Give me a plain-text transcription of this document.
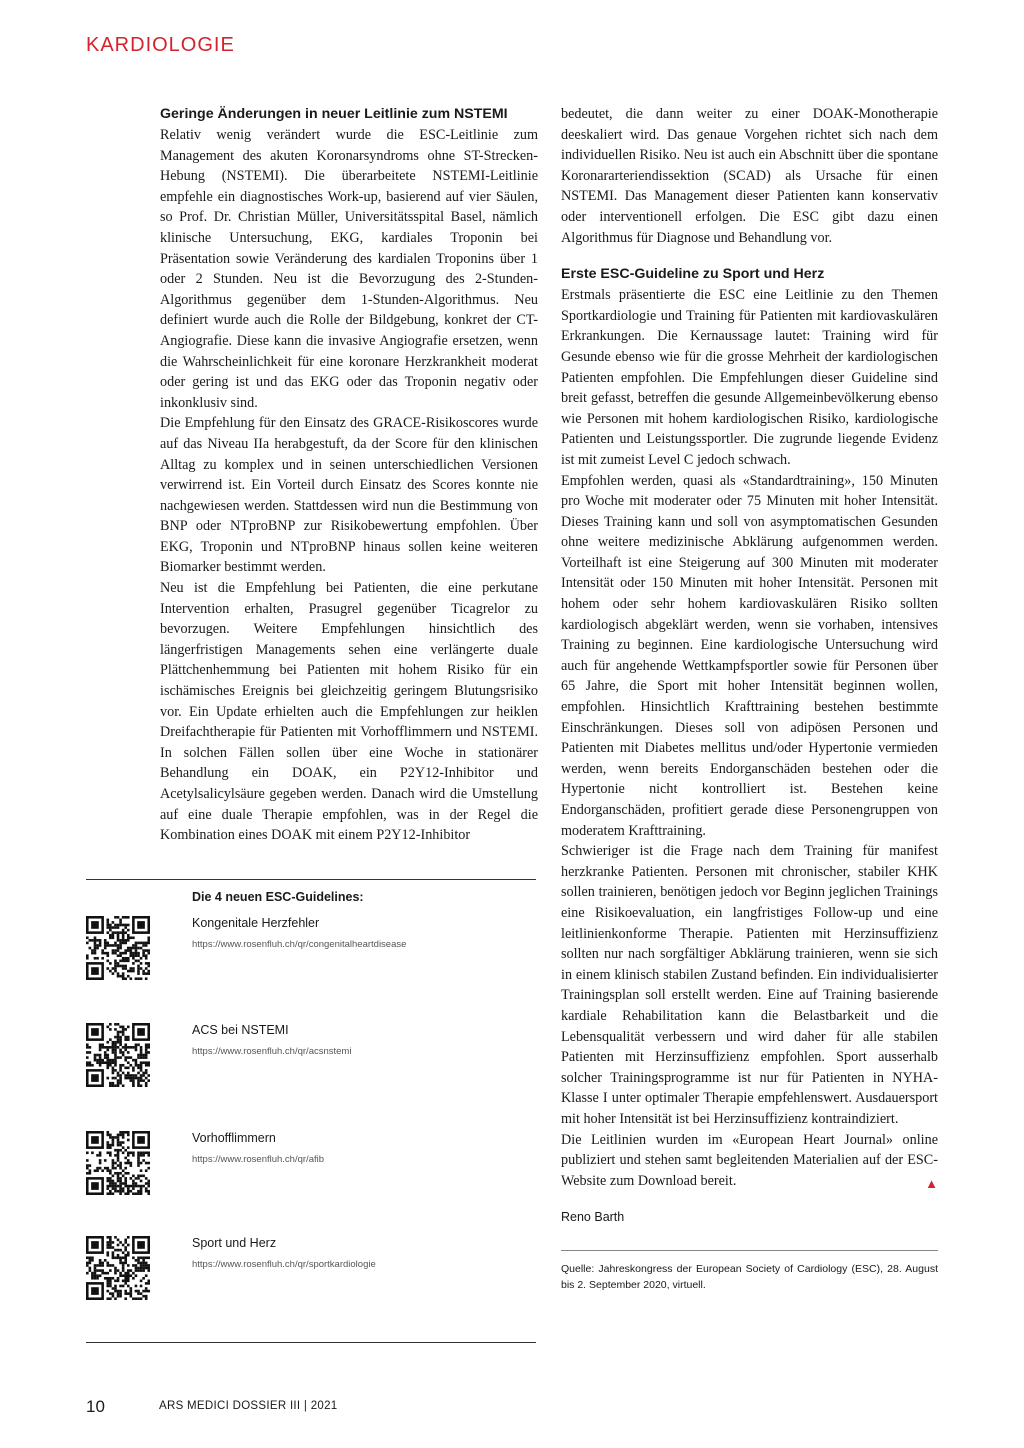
KARDIOLOGIE
Geringe Änderungen in neuer Leitlinie zum NSTEMI

Relativ wenig verändert wurde die ESC-Leitlinie zum Management des akuten Koronarsyndroms ohne ST-Strecken-Hebung (NSTEMI). Die überarbeitete NSTEMI-Leitlinie empfehle ein diagnostisches Work-up, basierend auf vier Säulen, so Prof. Dr. Christian Müller, Universitätsspital Basel, nämlich klinische Untersuchung, EKG, kardiales Troponin bei Präsentation sowie Veränderung des kardialen Troponins über 1 oder 2 Stunden. Neu ist die Bevorzugung des 2-Stunden-Algorithmus gegenüber dem 1-Stunden-Algorithmus. Neu definiert wurde auch die Rolle der Bildgebung, konkret der CT-Angiografie. Diese kann die invasive Angiografie ersetzen, wenn die Wahrscheinlichkeit für eine koronare Herzkrankheit moderat oder gering ist und das EKG oder das Troponin negativ oder inkonklusiv sind.

Die Empfehlung für den Einsatz des GRACE-Risikoscores wurde auf das Niveau IIa herabgestuft, da der Score für den klinischen Alltag zu komplex und in seinen unterschiedlichen Versionen verwirrend ist. Ein Vorteil durch Einsatz des Scores konnte nie nachgewiesen werden. Stattdessen wird nun die Bestimmung von BNP oder NTproBNP zur Risikobewertung empfohlen. Über EKG, Troponin und NTproBNP hinaus sollen keine weiteren Biomarker bestimmt werden.

Neu ist die Empfehlung bei Patienten, die eine perkutane Intervention erhalten, Prasugrel gegenüber Ticagrelor zu bevorzugen. Weitere Empfehlungen hinsichtlich des längerfristigen Managements sehen eine verlängerte duale Plättchenhemmung bei Patienten mit hohem Risiko für ein ischämisches Ereignis bei gleichzeitig geringem Blutungsrisiko vor. Ein Update erhielten auch die Empfehlungen zur heiklen Dreifachtherapie für Patienten mit Vorhofflimmern und NSTEMI. In solchen Fällen sollen über eine Woche in stationärer Behandlung ein DOAK, ein P2Y12-Inhibitor und Acetylsalicylsäure gegeben werden. Danach wird die Umstellung auf eine duale Therapie empfohlen, was in der Regel die Kombination eines DOAK mit einem P2Y12-Inhibitor

bedeutet, die dann weiter zu einer DOAK-Monotherapie deeskaliert wird. Das genaue Vorgehen richtet sich nach dem individuellen Risiko. Neu ist auch ein Abschnitt über die spontane Koronararteriendissektion (SCAD) als Ursache für einen NSTEMI. Das Management dieser Patienten kann konservativ oder interventionell erfolgen. Die ESC gibt dazu einen Algorithmus für Diagnose und Behandlung vor.

Erste ESC-Guideline zu Sport und Herz

Erstmals präsentierte die ESC eine Leitlinie zu den Themen Sportkardiologie und Training für Patienten mit kardiovaskulären Erkrankungen. Die Kernaussage lautet: Training wird für Gesunde ebenso wie für die grosse Mehrheit der kardiologischen Patienten empfohlen. Die Empfehlungen dieser Guideline sind breit gefasst, betreffen die gesunde Allgemeinbevölkerung ebenso wie Personen mit hohem kardiologischen Risiko, kardiologische Patienten und Leistungssportler. Die zugrunde liegende Evidenz ist mit zumeist Level C jedoch schwach.

Empfohlen werden, quasi als «Standardtraining», 150 Minuten pro Woche mit moderater oder 75 Minuten mit hoher Intensität. Dieses Training kann und soll von asymptomatischen Gesunden ohne weitere medizinische Abklärung aufgenommen werden. Vorteilhaft ist eine Steigerung auf 300 Minuten mit moderater Intensität oder 150 Minuten mit hoher Intensität. Personen mit hohem oder sehr hohem kardiovaskulären Risiko sollten kardiologisch abgeklärt werden, wenn sie vorhaben, intensives Training zu beginnen. Eine kardiologische Untersuchung wird auch für angehende Wettkampfsportler sowie für Personen über 65 Jahre, die Sport mit hoher Intensität beginnen wollen, empfohlen. Hinsichtlich Krafttraining bestehen bestimmte Einschränkungen. Dieses soll von adipösen Personen und Patienten mit Diabetes mellitus und/oder Hypertonie vermieden werden, wenn bereits Endorganschäden bestehen oder die Hypertonie nicht kontrolliert ist. Bestehen keine Endorganschäden, profitiert gerade diese Personengruppen von moderatem Krafttraining.

Schwieriger ist die Frage nach dem Training für manifest herzkranke Patienten. Personen mit chronischer, stabiler KHK sollen trainieren, benötigen jedoch vor Beginn jeglichen Trainings eine Risikoevaluation, ein langfristiges Follow-up und eine leitlinienkonforme Therapie. Patienten mit Herzinsuffizienz sollten nur nach sorgfältiger Abklärung trainieren, wenn sie sich in einem klinisch stabilen Zustand befinden. Ein individualisierter Trainingsplan soll erstellt werden. Eine auf Training basierende kardiale Rehabilitation kann die Belastbarkeit und die Lebensqualität verbessern und wird daher für alle stabilen Patienten mit Herzinsuffizienz empfohlen. Sport ausserhalb solcher Trainingsprogramme ist nur für Patienten in NYHA-Klasse I unter optimaler Therapie empfehlenswert. Ausdauersport mit hoher Intensität ist bei Herzinsuffizienz kontraindiziert.

Die Leitlinien wurden im «European Heart Journal» online publiziert und stehen samt begleitenden Materialien auf der ESC-Website zum Download bereit.	▲

Reno Barth

Quelle: Jahreskongress der European Society of Cardiology (ESC), 28. August bis 2. September 2020, virtuell.

Die 4 neuen ESC-Guidelines:
Kongenitale Herzfehler
https://www.rosenfluh.ch/qr/congenitalheartdisease
ACS bei NSTEMI
https://www.rosenfluh.ch/qr/acsnstemi
Vorhofflimmern
https://www.rosenfluh.ch/qr/afib
Sport und Herz
https://www.rosenfluh.ch/qr/sportkardiologie
10	ARS MEDICI DOSSIER III | 2021
